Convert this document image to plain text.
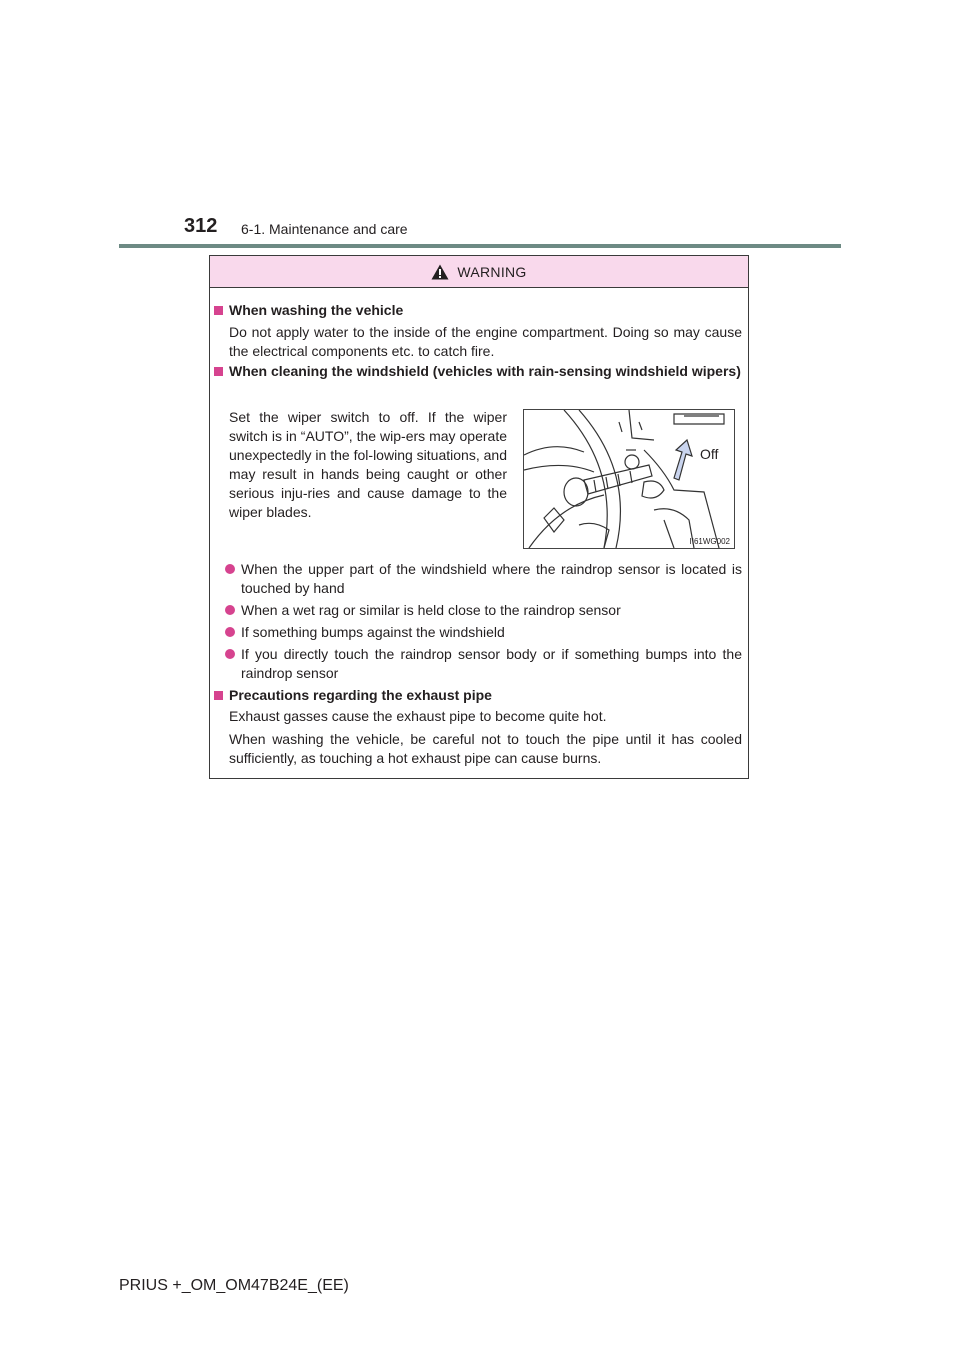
312 6-1. Maintenance and care
WARNING
When washing the vehicle
Do not apply water to the inside of the engine compartment. Doing so may cause the electrical components etc. to catch fire.
When cleaning the windshield (vehicles with rain-sensing windshield wipers)
Set the wiper switch to off. If the wiper switch is in “AUTO”, the wip-ers may operate unexpectedly in the fol-lowing situations, and may result in hands being caught or other serious inju-ries and cause damage to the wiper blades.
Off
II61WG002
When the upper part of the windshield where the raindrop sensor is located is touched by hand
When a wet rag or similar is held close to the raindrop sensor
If something bumps against the windshield
If you directly touch the raindrop sensor body or if something bumps into the raindrop sensor
Precautions regarding the exhaust pipe
Exhaust gasses cause the exhaust pipe to become quite hot.
When washing the vehicle, be careful not to touch the pipe until it has cooled sufficiently, as touching a hot exhaust pipe can cause burns.
PRIUS +_OM_OM47B24E_(EE)
